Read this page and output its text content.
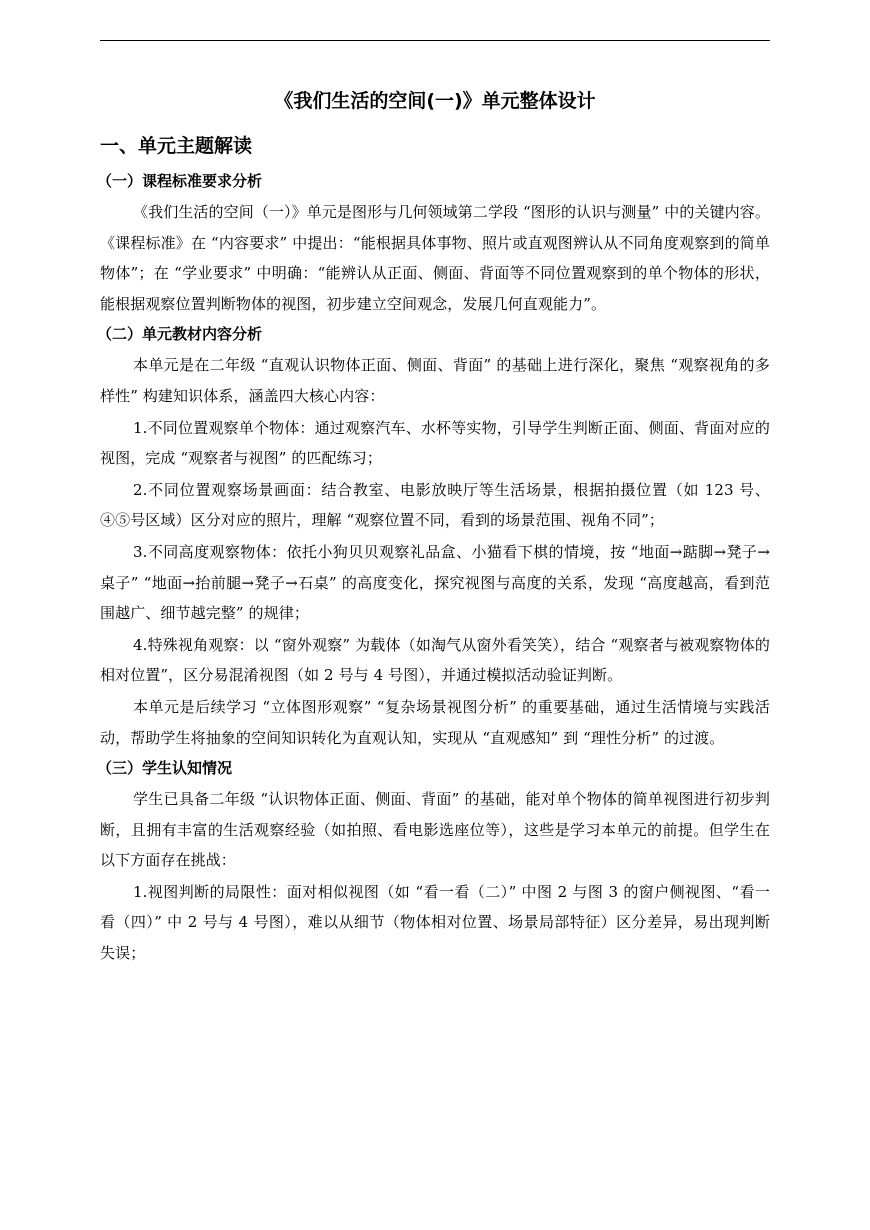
《我们生活的空间(一)》单元整体设计
一、单元主题解读
（一）课程标准要求分析
《我们生活的空间（一）》单元是图形与几何领域第二学段 “图形的认识与测量” 中的关键内容。《课程标准》在 “内容要求” 中提出：“能根据具体事物、照片或直观图辨认从不同角度观察到的简单物体”；在 “学业要求” 中明确：“能辨认从正面、侧面、背面等不同位置观察到的单个物体的形状，能根据观察位置判断物体的视图，初步建立空间观念，发展几何直观能力”。
（二）单元教材内容分析
本单元是在二年级 “直观认识物体正面、侧面、背面” 的基础上进行深化，聚焦 “观察视角的多样性” 构建知识体系，涵盖四大核心内容：
1.不同位置观察单个物体：通过观察汽车、水杯等实物，引导学生判断正面、侧面、背面对应的视图，完成 “观察者与视图” 的匹配练习；
2.不同位置观察场景画面：结合教室、电影放映厅等生活场景，根据拍摄位置（如 123 号、④⑤号区域）区分对应的照片，理解 “观察位置不同，看到的场景范围、视角不同”；
3.不同高度观察物体：依托小狗贝贝观察礼品盒、小猫看下棋的情境，按 “地面→踮脚→凳子→桌子” “地面→抬前腿→凳子→石桌” 的高度变化，探究视图与高度的关系，发现 “高度越高，看到范围越广、细节越完整” 的规律；
4.特殊视角观察：以 “窗外观察” 为载体（如淘气从窗外看笑笑），结合 “观察者与被观察物体的相对位置”，区分易混淆视图（如 2 号与 4 号图），并通过模拟活动验证判断。
本单元是后续学习 “立体图形观察” “复杂场景视图分析” 的重要基础，通过生活情境与实践活动，帮助学生将抽象的空间知识转化为直观认知，实现从 “直观感知” 到 “理性分析” 的过渡。
（三）学生认知情况
学生已具备二年级 “认识物体正面、侧面、背面” 的基础，能对单个物体的简单视图进行初步判断，且拥有丰富的生活观察经验（如拍照、看电影选座位等），这些是学习本单元的前提。但学生在以下方面存在挑战：
1.视图判断的局限性：面对相似视图（如 “看一看（二）” 中图 2 与图 3 的窗户侧视图、“看一看（四）” 中 2 号与 4 号图），难以从细节（物体相对位置、场景局部特征）区分差异，易出现判断失误；
